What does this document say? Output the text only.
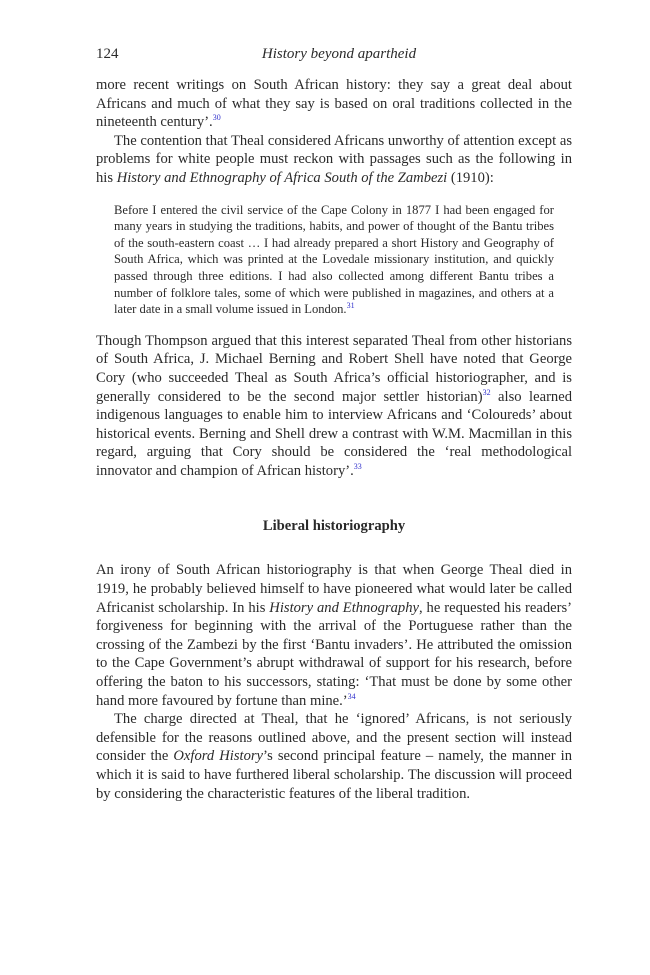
124	History beyond apartheid

more recent writings on South African history: they say a great deal about Africans and much of what they say is based on oral traditions collected in the nineteenth century’.$^{30}$

The contention that Theal considered Africans unworthy of attention except as problems for white people must reckon with passages such as the following in his History and Ethnography of Africa South of the Zambezi (1910):

Before I entered the civil service of the Cape Colony in 1877 I had been engaged for many years in studying the traditions, habits, and power of thought of the Bantu tribes of the south-eastern coast … I had already prepared a short History and Geography of South Africa, which was printed at the Lovedale missionary institution, and quickly passed through three editions. I had also collected among different Bantu tribes a number of folklore tales, some of which were published in magazines, and others at a later date in a small volume issued in London.$^{31}$

Though Thompson argued that this interest separated Theal from other historians of South Africa, J. Michael Berning and Robert Shell have noted that George Cory (who succeeded Theal as South Africa’s official historiographer, and is generally considered to be the second major settler historian)$^{32}$ also learned indigenous languages to enable him to interview Africans and ‘Coloureds’ about historical events. Berning and Shell drew a contrast with W.M. Macmillan in this regard, arguing that Cory should be considered the ‘real methodological innovator and champion of African history’.$^{33}$

Liberal historiography

An irony of South African historiography is that when George Theal died in 1919, he probably believed himself to have pioneered what would later be called Africanist scholarship. In his History and Ethnography, he requested his readers’ forgiveness for beginning with the arrival of the Portuguese rather than the crossing of the Zambezi by the first ‘Bantu invaders’. He attributed the omission to the Cape Government’s abrupt withdrawal of support for his research, before offering the baton to his successors, stating: ‘That must be done by some other hand more favoured by fortune than mine.’$^{34}$

The charge directed at Theal, that he ‘ignored’ Africans, is not seriously defensible for the reasons outlined above, and the present section will instead consider the Oxford History’s second principal feature – namely, the manner in which it is said to have furthered liberal scholarship. The discussion will proceed by considering the characteristic features of the liberal tradition.
